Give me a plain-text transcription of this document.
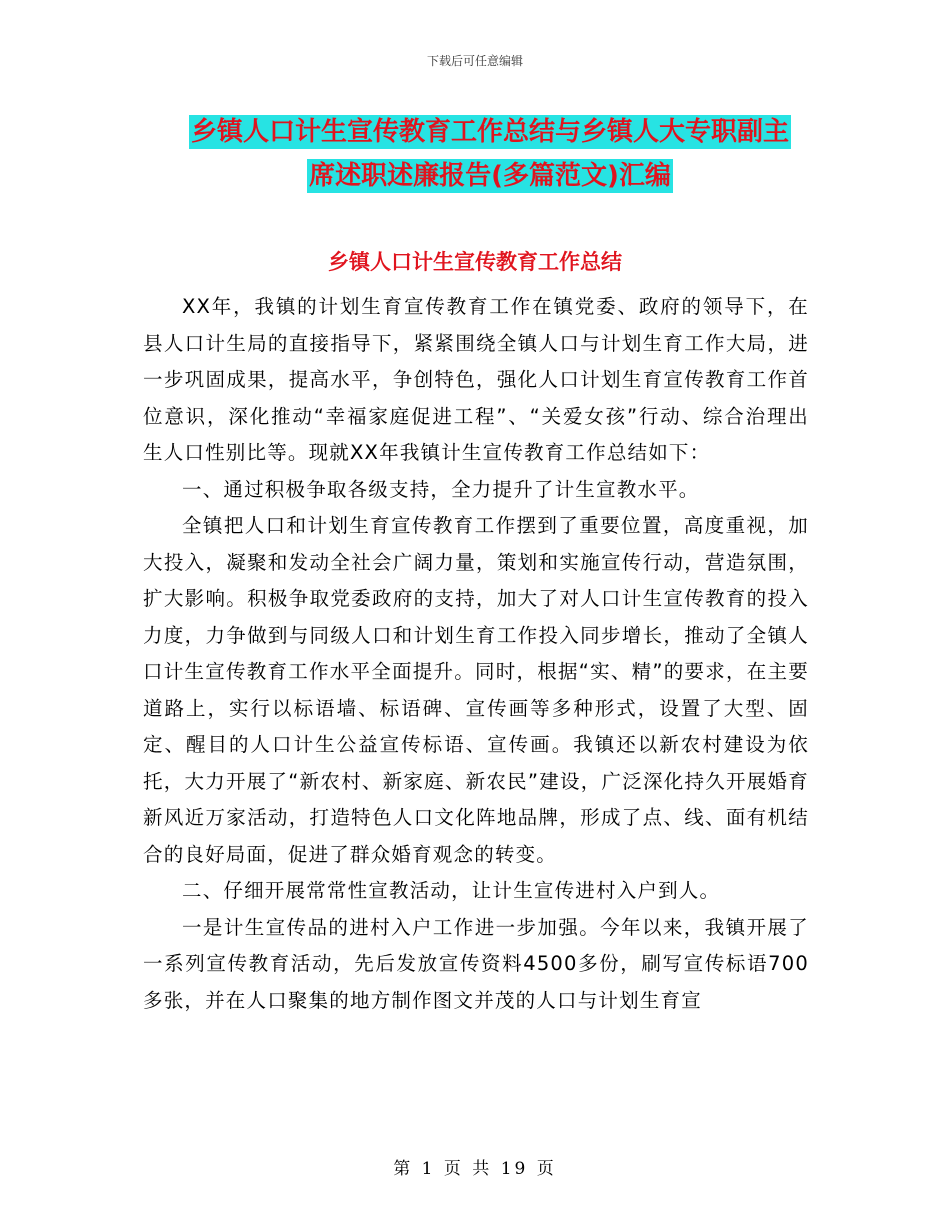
下载后可任意编辑
乡镇人口计生宣传教育工作总结与乡镇人大专职副主
席述职述廉报告(多篇范文)汇编
乡镇人口计生宣传教育工作总结

XX年，我镇的计划生育宣传教育工作在镇党委、政府的领导下，在县人口计生局的直接指导下，紧紧围绕全镇人口与计划生育工作大局，进一步巩固成果，提高水平，争创特色，强化人口计划生育宣传教育工作首位意识，深化推动“幸福家庭促进工程”、“关爱女孩”行动、综合治理出生人口性别比等。现就XX年我镇计生宣传教育工作总结如下：

一、通过积极争取各级支持，全力提升了计生宣教水平。

全镇把人口和计划生育宣传教育工作摆到了重要位置，高度重视，加大投入，凝聚和发动全社会广阔力量，策划和实施宣传行动，营造氛围，扩大影响。积极争取党委政府的支持，加大了对人口计生宣传教育的投入力度，力争做到与同级人口和计划生育工作投入同步增长，推动了全镇人口计生宣传教育工作水平全面提升。同时，根据“实、精”的要求，在主要道路上，实行以标语墙、标语碑、宣传画等多种形式，设置了大型、固定、醒目的人口计生公益宣传标语、宣传画。我镇还以新农村建设为依托，大力开展了“新农村、新家庭、新农民”建设，广泛深化持久开展婚育新风近万家活动，打造特色人口文化阵地品牌，形成了点、线、面有机结合的良好局面，促进了群众婚育观念的转变。

二、仔细开展常常性宣教活动，让计生宣传进村入户到人。

一是计生宣传品的进村入户工作进一步加强。今年以来，我镇开展了一系列宣传教育活动，先后发放宣传资料4500多份，刷写宣传标语700多张，并在人口聚集的地方制作图文并茂的人口与计划生育宣

第 1 页 共 19 页
